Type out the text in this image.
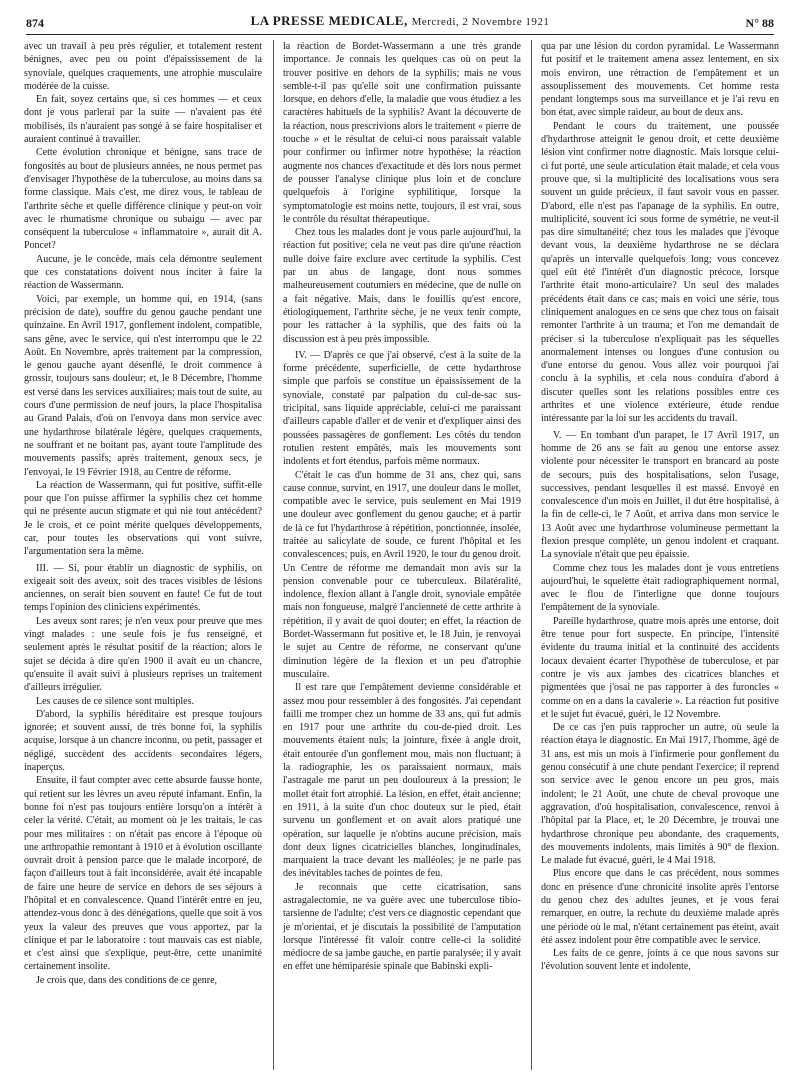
874	LA PRESSE MEDICALE, Mercredi, 2 Novembre 1921	N° 88

avec un travail à peu près régulier, et totalement restent bénignes, avec peu ou point d'épaississement de la synoviale, quelques craquements, une atrophie musculaire modérée de la cuisse.

En fait, soyez certains que, si ces hommes — et ceux dont je vous parlerai par la suite — n'avaient pas été mobilisés, ils n'auraient pas songé à se faire hospitaliser et auraient continué à travailler.

Cette évolution chronique et bénigne, sans trace de fongosités au bout de plusieurs années, ne nous permet pas d'envisager l'hypothèse de la tuberculose, au moins dans sa forme classique. Mais c'est, me direz vous, le tableau de l'arthrite sèche et quelle différence clinique y peut-on voir avec le rhumatisme chronique ou subaigu — avec par conséquent la tuberculose « inflammatoire », aurait dit A. Poncet?

Aucune, je le concède, mais cela démontre seulement que ces constatations doivent nous inciter à faire la réaction de Wassermann.

Voici, par exemple, un homme qui, en 1914, (sans précision de date), souffre du genou gauche pendant une quinzaine. En Avril 1917, gonflement indolent, compatible, sans gêne, avec le service, qui n'est interrompu que le 22 Août. En Novembre, après traitement par la compression, le genou gauche ayant désenflé, le droit commence à grossir, toujours sans douleur; et, le 8 Décembre, l'homme est versé dans les services auxiliaires; mais tout de suite, au cours d'une permission de neuf jours, la place l'hospitalisa au Grand Palais, d'où on l'envoya dans mon service avec une hydarthrose bilatérale légère, quelques craquements, ne souffrant et ne boitant pas, ayant toute l'amplitude des mouvements passifs; après traitement, genoux secs, je l'envoyai, le 19 Février 1918, au Centre de réforme.

La réaction de Wassermann, qui fut positive, suffit-elle pour que l'on puisse affirmer la syphilis chez cet homme qui ne présente aucun stigmate et qui nie tout antécédent? Je le crois, et ce point mérite quelques développements, car, pour toutes les observations qui vont suivre, l'argumentation sera la même.

III. — Si, pour établir un diagnostic de syphilis, on exigeait soit des aveux, soit des traces visibles de lésions anciennes, on serait bien souvent en faute! Ce fut de tout temps l'opinion des cliniciens expérimentés.

Les aveux sont rares; je n'en veux pour preuve que mes vingt malades : une seule fois je fus renseigné, et seulement après le résultat positif de la réaction; alors le sujet se décida à dire qu'en 1900 il avait eu un chancre, qu'ensuite il avait suivi à plusieurs reprises un traitement d'ailleurs irrégulier.

Les causes de ce silence sont multiples.

D'abord, la syphilis héréditaire est presque toujours ignorée; et souvent aussi, de très bonne foi, la syphilis acquise, lorsque à un chancre inconnu, ou petit, passager et négligé, succèdent des accidents secondaires légers, inaperçus.

Ensuite, il faut compter avec cette absurde fausse honte, qui retient sur les lèvres un aveu réputé infamant. Enfin, la bonne foi n'est pas toujours entière lorsqu'on a intérêt à celer la vérité. C'était, au moment où je les traitais, le cas pour mes militaires : on n'était pas encore à l'époque où une arthropathie remontant à 1910 et à évolution oscillante ouvrait droit à pension parce que le malade incorporé, de façon d'ailleurs tout à fait inconsidérée, avait été incapable de faire une heure de service en dehors de ses séjours à l'hôpital et en convalescence. Quand l'intérêt entre en jeu, attendez-vous donc à des dénégations, quelle que soit à vos yeux la valeur des preuves que vous apportez, par la clinique et par le laboratoire : tout mauvais cas est niable, et c'est ainsi que s'explique, peut-être, cette unanimité certainement insolite.

Je crois que, dans des conditions de ce genre,

la réaction de Bordet-Wassermann a une très grande importance. Je connais les quelques cas où on peut la trouver positive en dehors de la syphilis; mais ne vous semble-t-il pas qu'elle soit une confirmation puissante lorsque, en dehors d'elle, la maladie que vous étudiez a les caractères habituels de la syphilis? Avant la découverte de la réaction, nous prescrivions alors le traitement « pierre de touche » et le résultat de celui-ci nous paraissait valable pour confirmer ou infirmer notre hypothèse; la réaction augmente nos chances d'exactitude et dès lors nous permet de pousser l'analyse clinique plus loin et de conclure quelquefois à l'origine syphilitique, lorsque la symptomatologie est moins nette, toujours, il est vrai, sous le contrôle du résultat thérapeutique.

Chez tous les malades dont je vous parle aujourd'hui, la réaction fut positive; cela ne veut pas dire qu'une réaction nulle doive faire exclure avec certitude la syphilis. C'est par un abus de langage, dont nous sommes malheureusement coutumiers en médecine, que de nulle on a fait négative. Mais, dans le fouillis qu'est encore, étiologiquement, l'arthrite sèche, je ne veux tenir compte, pour les rattacher à la syphilis, que des faits où la discussion est à peu près impossible.

IV. — D'après ce que j'ai observé, c'est à la suite de la forme précédente, superficielle, de cette hydarthrose simple que parfois se constitue un épaississement de la synoviale, constaté par palpation du cul-de-sac sus-tricipital, sans liquide appréciable, celui-ci me paraissant d'ailleurs capable d'aller et de venir et d'expliquer ainsi des poussées passagères de gonflement. Les côtés du tendon rotulien restent empâtés, mais les mouvements sont indolents et fort étendus, parfois même normaux.

C'était le cas d'un homme de 31 ans, chez qui, sans cause connue, survint, en 1917, une douleur dans le mollet, compatible avec le service, puis seulement en Mai 1919 une douleur avec gonflement du genou gauche; et à partir de là ce fut l'hydarthrose à répétition, ponctionnée, insolée, traitée au salicylate de soude, ce furent l'hôpital et les convalescences; puis, en Avril 1920, le tour du genou droit. Un Centre de réforme me demandait mon avis sur la pension convenable pour ce tuberculeux. Bilatéralité, indolence, flexion allant à l'angle droit, synoviale empâtée mais non fongueuse, malgré l'ancienneté de cette arthrite à répétition, il y avait de quoi douter; en effet, la réaction de Bordet-Wassermann fut positive et, le 18 Juin, je renvoyai le sujet au Centre de réforme, ne conservant qu'une diminution légère de la flexion et un peu d'atrophie musculaire.

Il est rare que l'empâtement devienne considérable et assez mou pour ressembler à des fongosités. J'ai cependant failli me tromper chez un homme de 33 ans, qui fut admis en 1917 pour une arthrite du cou-de-pied droit. Les mouvements étaient nuls; la jointure, fixée à angle droit, était entourée d'un gonflement mou, mais non fluctuant; à la radiographie, les os paraissaient normaux, mais l'astragale me parut un peu douloureux à la pression; le mollet était fort atrophié. La lésion, en effet, était ancienne; en 1911, à la suite d'un choc douteux sur le pied, était survenu un gonflement et on avait alors pratiqué une opération, sur laquelle je n'obtins aucune précision, mais dont deux lignes cicatricielles blanches, longitudinales, marquaient la trace devant les malléoles; je ne parle pas des inévitables taches de pointes de feu.

Je reconnais que cette cicatrisation, sans astragalectomie, ne va guère avec une tuberculose tibio-tarsienne de l'adulte; c'est vers ce diagnostic cependant que je m'orientai, et je discutais la possibilité de l'amputation lorsque l'intéressé fit valoir contre celle-ci la solidité médiocre de sa jambe gauche, en partie paralysée; il y avait en effet une hémiparésie spinale que Babinski expli-

qua par une lésion du cordon pyramidal. Le Wassermann fut positif et le traitement amena assez lentement, en six mois environ, une rétraction de l'empâtement et un assouplissement des mouvements. Cet homme resta pendant longtemps sous ma surveillance et je l'ai revu en bon état, avec simple raideur, au bout de deux ans.

Pendant le cours du traitement, une poussée d'hydarthrose atteignit le genou droit, et cette deuxième lésion vint confirmer notre diagnostic. Mais lorsque celui-ci fut porté, une seule articulation était malade, et cela vous prouve que, si la multiplicité des localisations vous sera souvent un guide précieux, il faut savoir vous en passer. D'abord, elle n'est pas l'apanage de la syphilis. En outre, multiplicité, souvent ici sous forme de symétrie, ne veut-il pas dire simultanéité; chez tous les malades que j'évoque devant vous, la deuxième hydarthrose ne se déclara qu'après un intervalle quelquefois long; vous concevez quel eût été l'intérêt d'un diagnostic précoce, lorsque l'arthrite était mono-articulaire? Un seul des malades précédents était dans ce cas; mais en voici une série, tous cliniquement analogues en ce sens que chez tous on faisait remonter l'arthrite à un trauma; et l'on me demandait de préciser si la tuberculose n'expliquait pas les séquelles anormalement intenses ou longues d'une contusion ou d'une entorse du genou. Vous allez voir pourquoi j'ai conclu à la syphilis, et cela nous conduira d'abord à discuter quelles sont les relations possibles entre ces arthrites et une violence extérieure, étude rendue intéressante par la loi sur les accidents du travail.

V. — En tombant d'un parapet, le 17 Avril 1917, un homme de 26 ans se fait au genou une entorse assez violente pour nécessiter le transport en brancard au poste de secours, puis des hospitalisations, selon l'usage, successives, pendant lesquelles il est massé. Envoyé en convalescence d'un mois en Juillet, il dut être hospitalisé, à la fin de celle-ci, le 7 Août, et arriva dans mon service le 13 Août avec une hydarthrose volumineuse permettant la flexion presque complète, un genou indolent et craquant. La synoviale n'était que peu épaissie.

Comme chez tous les malades dont je vous entretiens aujourd'hui, le squelette était radiographiquement normal, avec le flou de l'interligne que donne toujours l'empâtement de la synoviale.

Pareille hydarthrose, quatre mois après une entorse, doit être tenue pour fort suspecte. En principe, l'intensité évidente du trauma initial et la continuité des accidents locaux devaient écarter l'hypothèse de tuberculose, et par contre je vis aux jambes des cicatrices blanches et pigmentées que j'osai ne pas rapporter à des furoncles « comme on en a dans la cavalerie ». La réaction fut positive et le sujet fut évacué, guéri, le 12 Novembre.

De ce cas j'en puis rapprocher un autre, où seule la réaction étaya le diagnostic. En Mai 1917, l'homme, âgé de 31 ans, est mis un mois à l'infirmerie pour gonflement du genou consécutif à une chute pendant l'exercice; il reprend son service avec le genou encore un peu gros, mais indolent; le 21 Août, une chute de cheval provoque une aggravation, d'où hospitalisation, convalescence, renvoi à l'hôpital par la Place, et, le 20 Décembre, je trouvai une hydarthrose chronique peu abondante, des craquements, des mouvements indolents, mais limités à 90° de flexion. Le malade fut évacué, guéri, le 4 Mai 1918.

Plus encore que dans le cas précédent, nous sommes donc en présence d'une chronicité insolite après l'entorse du genou chez des adultes jeunes, et je vous ferai remarquer, en outre, la rechute du deuxième malade après une période où le mal, n'étant certainement pas éteint, avait été assez indolent pour être compatible avec le service.

Les faits de ce genre, joints à ce que nous savons sur l'évolution souvent lente et indolente,
